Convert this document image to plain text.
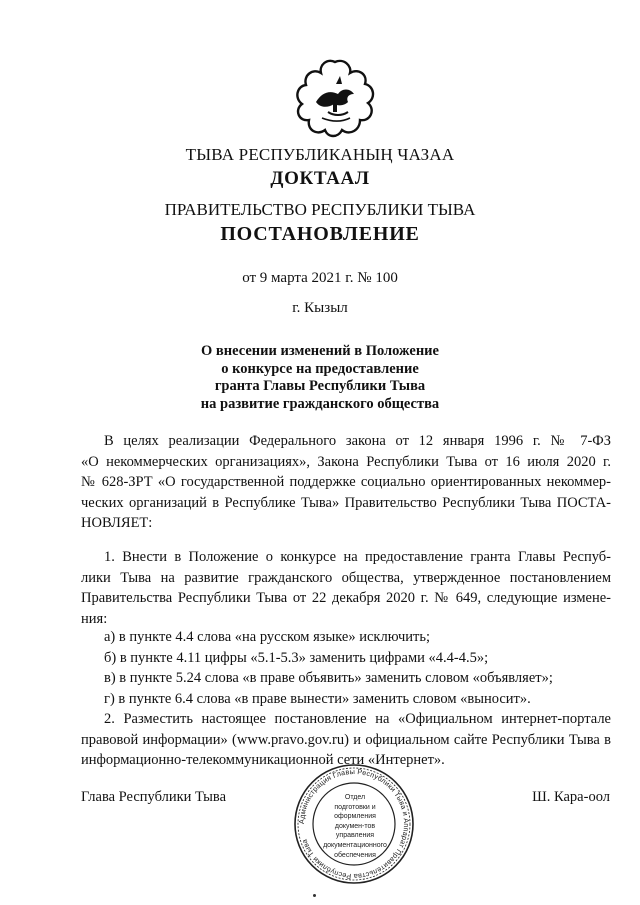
ТЫВА РЕСПУБЛИКАНЫҢ ЧАЗАА
ДОКТААЛ
ПРАВИТЕЛЬСТВО РЕСПУБЛИКИ ТЫВА
ПОСТАНОВЛЕНИЕ
от 9 марта 2021 г. № 100
г. Кызыл
О внесении изменений в Положение
о конкурсе на предоставление
гранта Главы Республики Тыва
на развитие гражданского общества
В целях реализации Федерального закона от 12 января 1996 г. № 7-ФЗ
«О некоммерческих организациях», Закона Республики Тыва от 16 июля 2020 г.
№ 628-ЗРТ «О государственной поддержке социально ориентированных некоммер-
ческих организаций в Республике Тыва» Правительство Республики Тыва ПОСТА-
НОВЛЯЕТ:
1. Внести в Положение о конкурсе на предоставление гранта Главы Респуб-
лики Тыва на развитие гражданского общества, утвержденное постановлением
Правительства Республики Тыва от 22 декабря 2020 г. № 649, следующие измене-
ния:
а) в пункте 4.4 слова «на русском языке» исключить;
б) в пункте 4.11 цифры «5.1-5.3» заменить цифрами «4.4-4.5»;
в) в пункте 5.24 слова «в праве объявить» заменить словом «объявляет»;
г) в пункте 6.4 слова «в праве вынести» заменить словом «выносит».
2. Разместить настоящее постановление на «Официальном интернет-портале
правовой информации» (www.pravo.gov.ru) и официальном сайте Республики Тыва в
информационно-телекоммуникационной сети «Интернет».
Глава Республики Тыва	Ш. Кара-оол
Администрация Главы Республики Тыва и Аппарат Правительства Республики Тыва
Отдел
подготовки и
оформления докумен-тов
управления
документационного
обеспечения
